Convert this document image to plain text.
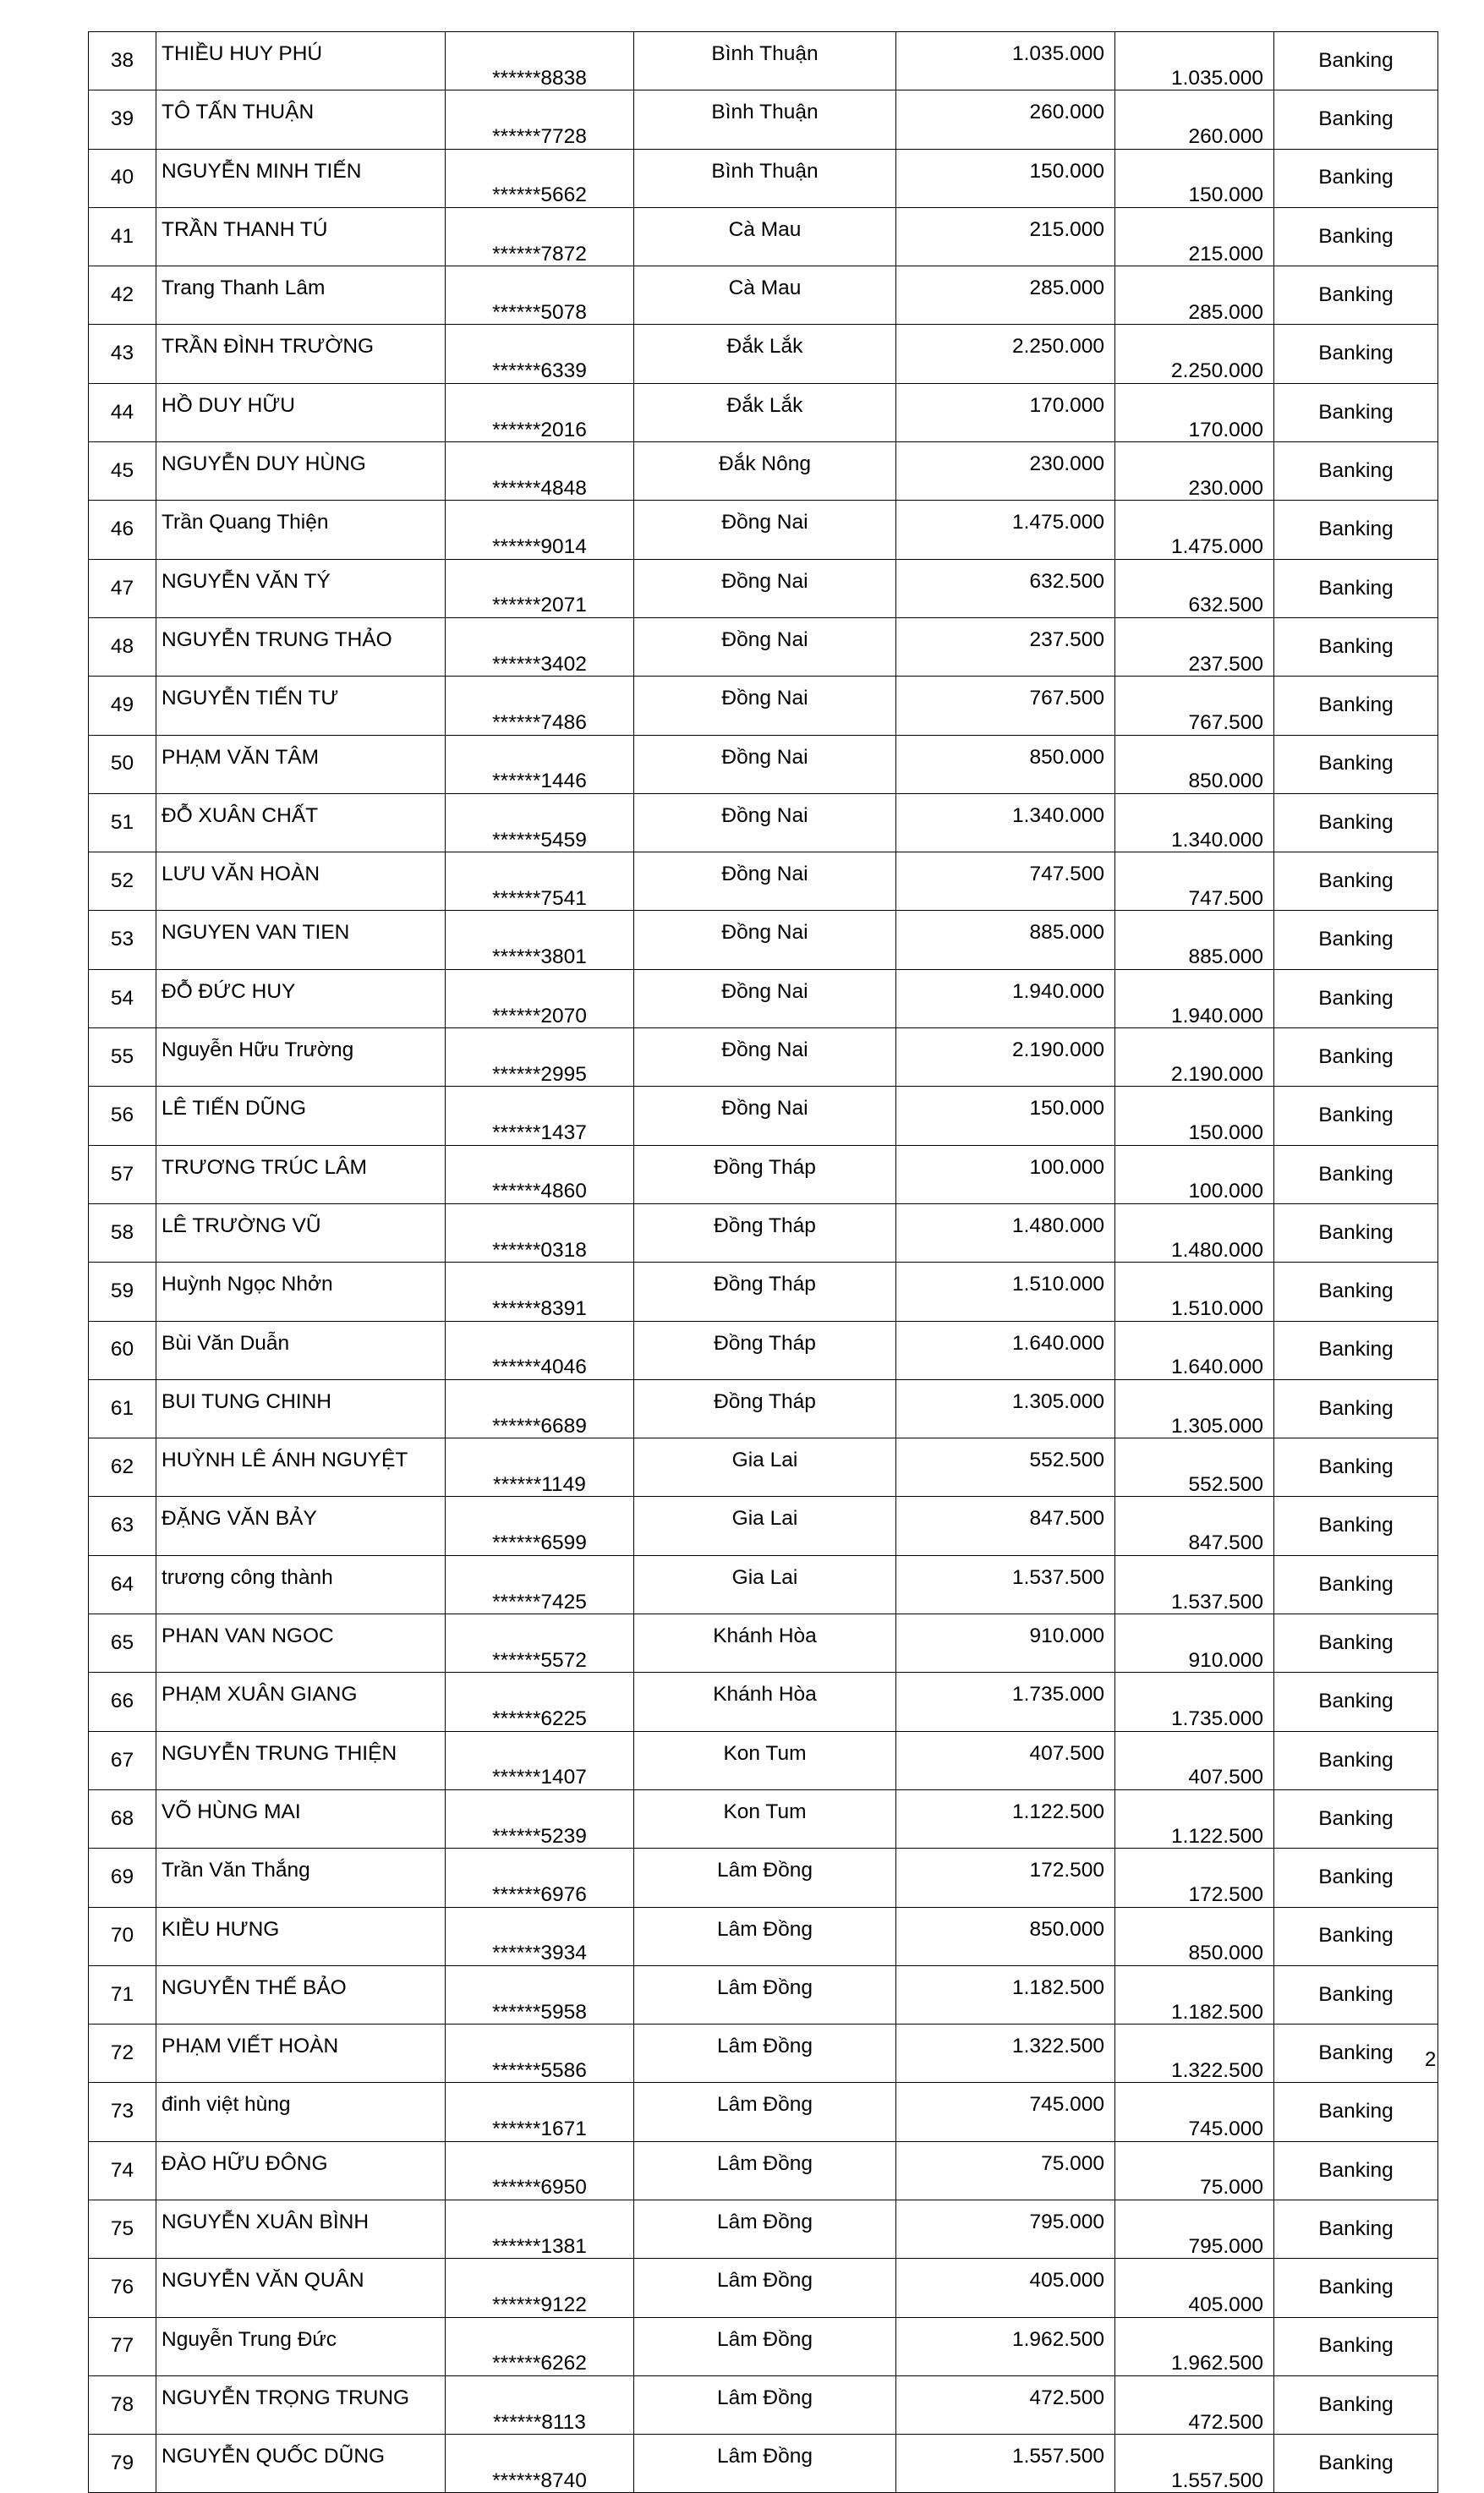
38	THIỀU HUY PHÚ	******8838	Bình Thuận	1.035.000	1.035.000	Banking
39	TÔ TẤN THUẬN	******7728	Bình Thuận	260.000	260.000	Banking
40	NGUYỄN MINH TIẾN	******5662	Bình Thuận	150.000	150.000	Banking
41	TRẦN THANH TÚ	******7872	Cà Mau	215.000	215.000	Banking
42	Trang Thanh Lâm	******5078	Cà Mau	285.000	285.000	Banking
43	TRẦN ĐÌNH TRƯỜNG	******6339	Đắk Lắk	2.250.000	2.250.000	Banking
44	HỒ DUY HỮU	******2016	Đắk Lắk	170.000	170.000	Banking
45	NGUYỄN DUY HÙNG	******4848	Đắk Nông	230.000	230.000	Banking
46	Trần Quang Thiện	******9014	Đồng Nai	1.475.000	1.475.000	Banking
47	NGUYỄN VĂN TÝ	******2071	Đồng Nai	632.500	632.500	Banking
48	NGUYỄN TRUNG THẢO	******3402	Đồng Nai	237.500	237.500	Banking
49	NGUYỄN TIẾN TƯ	******7486	Đồng Nai	767.500	767.500	Banking
50	PHẠM VĂN TÂM	******1446	Đồng Nai	850.000	850.000	Banking
51	ĐỖ XUÂN CHẤT	******5459	Đồng Nai	1.340.000	1.340.000	Banking
52	LƯU VĂN HOÀN	******7541	Đồng Nai	747.500	747.500	Banking
53	NGUYEN VAN TIEN	******3801	Đồng Nai	885.000	885.000	Banking
54	ĐỖ ĐỨC HUY	******2070	Đồng Nai	1.940.000	1.940.000	Banking
55	Nguyễn Hữu Trường	******2995	Đồng Nai	2.190.000	2.190.000	Banking
56	LÊ TIẾN DŨNG	******1437	Đồng Nai	150.000	150.000	Banking
57	TRƯƠNG TRÚC LÂM	******4860	Đồng Tháp	100.000	100.000	Banking
58	LÊ TRƯỜNG VŨ	******0318	Đồng Tháp	1.480.000	1.480.000	Banking
59	Huỳnh Ngọc Nhởn	******8391	Đồng Tháp	1.510.000	1.510.000	Banking
60	Bùi Văn Duẫn	******4046	Đồng Tháp	1.640.000	1.640.000	Banking
61	BUI TUNG CHINH	******6689	Đồng Tháp	1.305.000	1.305.000	Banking
62	HUỲNH LÊ ÁNH NGUYỆT	******1149	Gia Lai	552.500	552.500	Banking
63	ĐẶNG VĂN BẢY	******6599	Gia Lai	847.500	847.500	Banking
64	trương công thành	******7425	Gia Lai	1.537.500	1.537.500	Banking
65	PHAN VAN NGOC	******5572	Khánh Hòa	910.000	910.000	Banking
66	PHẠM XUÂN GIANG	******6225	Khánh Hòa	1.735.000	1.735.000	Banking
67	NGUYỄN TRUNG THIỆN	******1407	Kon Tum	407.500	407.500	Banking
68	VÕ HÙNG MAI	******5239	Kon Tum	1.122.500	1.122.500	Banking
69	Trần Văn Thắng	******6976	Lâm Đồng	172.500	172.500	Banking
70	KIỀU HƯNG	******3934	Lâm Đồng	850.000	850.000	Banking
71	NGUYỄN THẾ BẢO	******5958	Lâm Đồng	1.182.500	1.182.500	Banking
72	PHẠM VIẾT HOÀN	******5586	Lâm Đồng	1.322.500	1.322.500	Banking
73	đinh việt hùng	******1671	Lâm Đồng	745.000	745.000	Banking
74	ĐÀO HỮU ĐÔNG	******6950	Lâm Đồng	75.000	75.000	Banking
75	NGUYỄN XUÂN BÌNH	******1381	Lâm Đồng	795.000	795.000	Banking
76	NGUYỄN VĂN QUÂN	******9122	Lâm Đồng	405.000	405.000	Banking
77	Nguyễn Trung Đức	******6262	Lâm Đồng	1.962.500	1.962.500	Banking
78	NGUYỄN TRỌNG TRUNG	******8113	Lâm Đồng	472.500	472.500	Banking
79	NGUYỄN QUỐC DŨNG	******8740	Lâm Đồng	1.557.500	1.557.500	Banking
2
